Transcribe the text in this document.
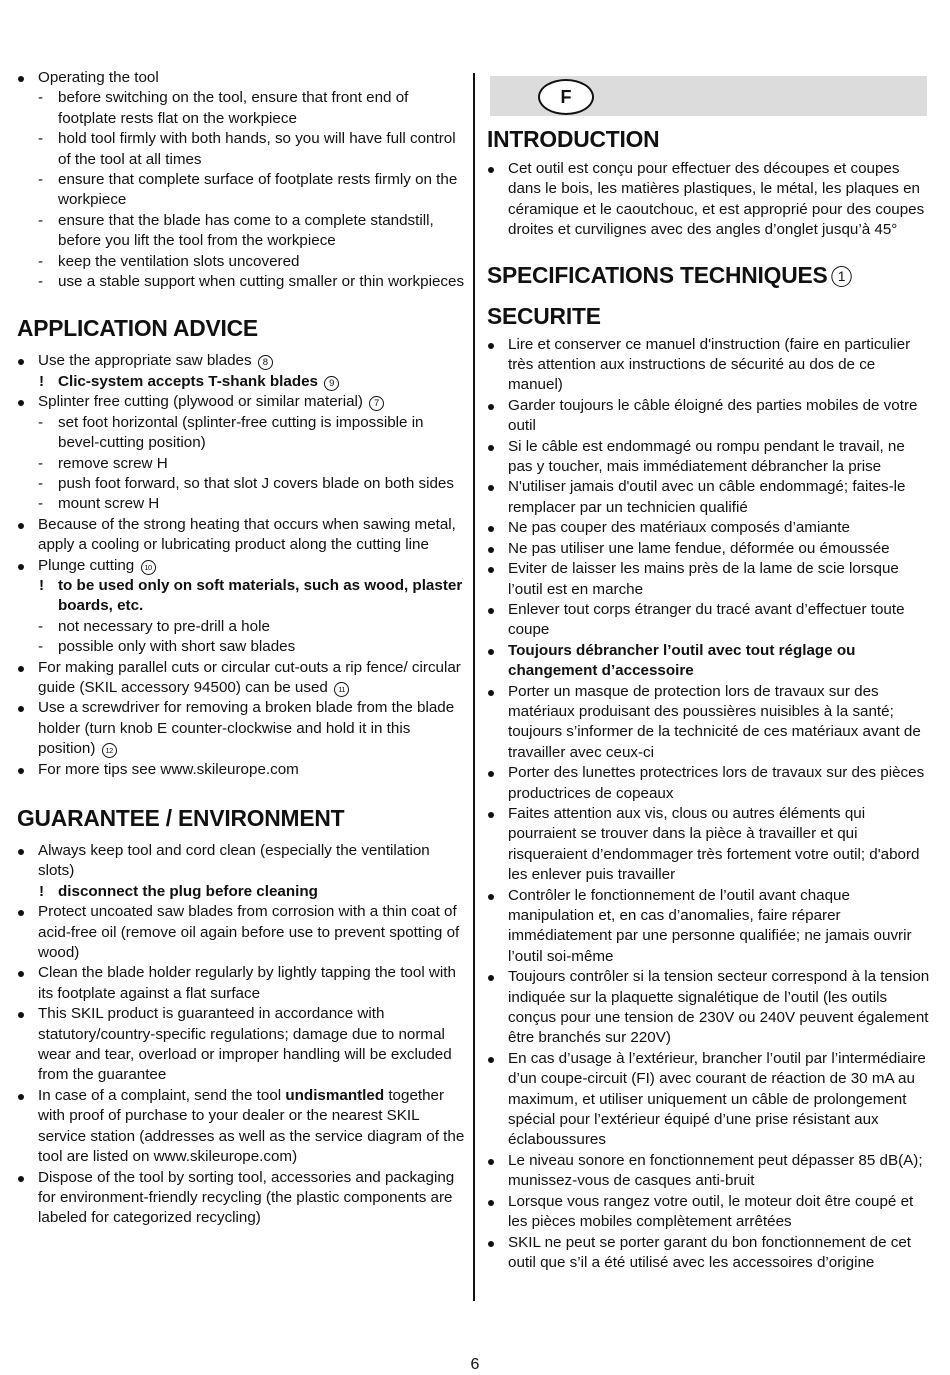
F
Operating the tool
- before switching on the tool, ensure that front end of footplate rests flat on the workpiece
- hold tool firmly with both hands, so you will have full control of the tool at all times
- ensure that complete surface of footplate rests firmly on the workpiece
- ensure that the blade has come to a complete standstill, before you lift the tool from the workpiece
- keep the ventilation slots uncovered
- use a stable support when cutting smaller or thin workpieces
APPLICATION ADVICE
Use the appropriate saw blades 8
! Clic-system accepts T-shank blades 9
Splinter free cutting (plywood or similar material) 7
- set foot horizontal (splinter-free cutting is impossible in bevel-cutting position)
- remove screw H
- push foot forward, so that slot J covers blade on both sides
- mount screw H
Because of the strong heating that occurs when sawing metal, apply a cooling or lubricating product along the cutting line
Plunge cutting 10
! to be used only on soft materials, such as wood, plaster boards, etc.
- not necessary to pre-drill a hole
- possible only with short saw blades
For making parallel cuts or circular cut-outs a rip fence/ circular guide (SKIL accessory 94500) can be used 11
Use a screwdriver for removing a broken blade from the blade holder (turn knob E counter-clockwise and hold it in this position) 12
For more tips see www.skileurope.com
GUARANTEE / ENVIRONMENT
Always keep tool and cord clean (especially the ventilation slots)
! disconnect the plug before cleaning
Protect uncoated saw blades from corrosion with a thin coat of acid-free oil (remove oil again before use to prevent spotting of wood)
Clean the blade holder regularly by lightly tapping the tool with its footplate against a flat surface
This SKIL product is guaranteed in accordance with statutory/country-specific regulations; damage due to normal wear and tear, overload or improper handling will be excluded from the guarantee
In case of a complaint, send the tool undismantled together with proof of purchase to your dealer or the nearest SKIL service station (addresses as well as the service diagram of the tool are listed on www.skileurope.com)
Dispose of the tool by sorting tool, accessories and packaging for environment-friendly recycling (the plastic components are labeled for categorized recycling)
INTRODUCTION
Cet outil est conçu pour effectuer des découpes et coupes dans le bois, les matières plastiques, le métal, les plaques en céramique et le caoutchouc, et est approprié pour des coupes droites et curvilignes avec des angles d’onglet jusqu’à 45°
SPECIFICATIONS TECHNIQUES 1
SECURITE
Lire et conserver ce manuel d'instruction (faire en particulier très attention aux instructions de sécurité au dos de ce manuel)
Garder toujours le câble éloigné des parties mobiles de votre outil
Si le câble est endommagé ou rompu pendant le travail, ne pas y toucher, mais immédiatement débrancher la prise
N'utiliser jamais d'outil avec un câble endommagé; faites-le remplacer par un technicien qualifié
Ne pas couper des matériaux composés d’amiante
Ne pas utiliser une lame fendue, déformée ou émoussée
Eviter de laisser les mains près de la lame de scie lorsque l’outil est en marche
Enlever tout corps étranger du tracé avant d’effectuer toute coupe
Toujours débrancher l’outil avec tout réglage ou changement d’accessoire
Porter un masque de protection lors de travaux sur des matériaux produisant des poussières nuisibles à la santé; toujours s’informer de la technicité de ces matériaux avant de travailler avec ceux-ci
Porter des lunettes protectrices lors de travaux sur des pièces productrices de copeaux
Faites attention aux vis, clous ou autres éléments qui pourraient se trouver dans la pièce à travailler et qui risqueraient d’endommager très fortement votre outil; d'abord les enlever puis travailler
Contrôler le fonctionnement de l’outil avant chaque manipulation et, en cas d’anomalies, faire réparer immédiatement par une personne qualifiée; ne jamais ouvrir l’outil soi-même
Toujours contrôler si la tension secteur correspond à la tension indiquée sur la plaquette signalétique de l’outil (les outils conçus pour une tension de 230V ou 240V peuvent également être branchés sur 220V)
En cas d’usage à l’extérieur, brancher l’outil par l’intermédiaire d’un coupe-circuit (FI) avec courant de réaction de 30 mA au maximum, et utiliser uniquement un câble de prolongement spécial pour l’extérieur équipé d’une prise résistant aux éclaboussures
Le niveau sonore en fonctionnement peut dépasser 85 dB(A); munissez-vous de casques anti-bruit
Lorsque vous rangez votre outil, le moteur doit être coupé et les pièces mobiles complètement arrêtées
SKIL ne peut se porter garant du bon fonctionnement de cet outil que s’il a été utilisé avec les accessoires d’origine
6
